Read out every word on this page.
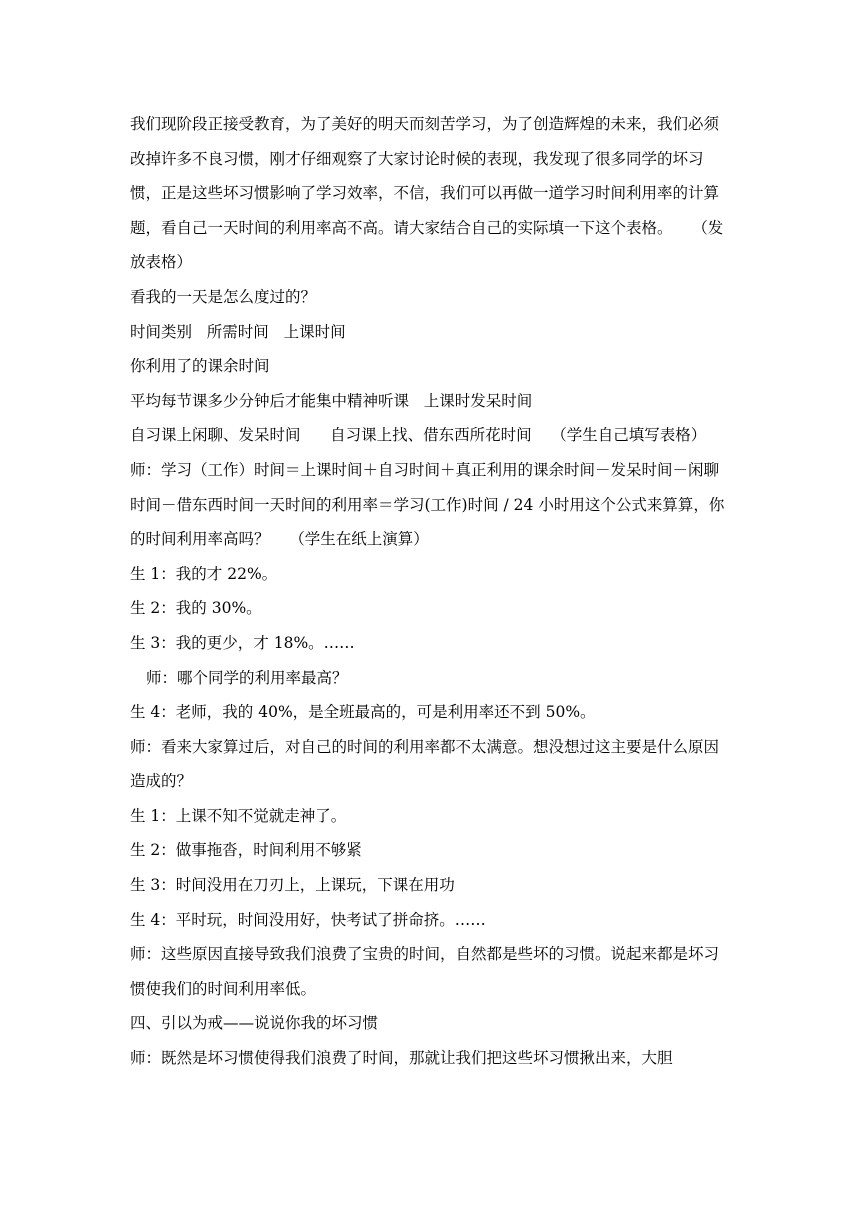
我们现阶段正接受教育，为了美好的明天而刻苦学习，为了创造辉煌的未来，我们必须改掉许多不良习惯，刚才仔细观察了大家讨论时候的表现，我发现了很多同学的坏习惯，正是这些坏习惯影响了学习效率，不信，我们可以再做一道学习时间利用率的计算题，看自己一天时间的利用率高不高。请大家结合自己的实际填一下这个表格。    （发放表格）

看我的一天是怎么度过的？

时间类别   所需时间   上课时间

你利用了的课余时间

平均每节课多少分钟后才能集中精神听课   上课时发呆时间

自习课上闲聊、发呆时间      自习课上找、借东西所花时间    （学生自己填写表格）

师：学习（工作）时间＝上课时间＋自习时间＋真正利用的课余时间－发呆时间－闲聊时间－借东西时间一天时间的利用率＝学习(工作)时间 / 24 小时用这个公式来算算，你的时间利用率高吗？    （学生在纸上演算）

生 1：我的才 22%。

生 2：我的 30%。

生 3：我的更少，才 18%。……

师：哪个同学的利用率最高？

生 4：老师，我的 40%，是全班最高的，可是利用率还不到 50%。

师：看来大家算过后，对自己的时间的利用率都不太满意。想没想过这主要是什么原因造成的？

生 1：上课不知不觉就走神了。

生 2：做事拖沓，时间利用不够紧

生 3：时间没用在刀刃上，上课玩，下课在用功

生 4：平时玩，时间没用好，快考试了拼命挤。……

师：这些原因直接导致我们浪费了宝贵的时间，自然都是些坏的习惯。说起来都是坏习惯使我们的时间利用率低。

四、引以为戒——说说你我的坏习惯

师：既然是坏习惯使得我们浪费了时间，那就让我们把这些坏习惯揪出来，大胆
